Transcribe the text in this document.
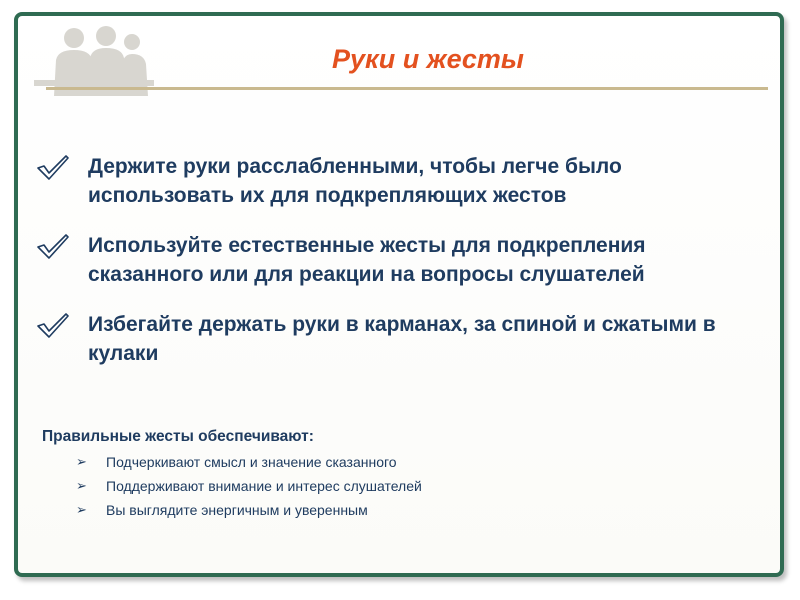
Руки и жесты
Держите руки расслабленными, чтобы легче было использовать их для подкрепляющих жестов
Используйте естественные жесты для подкрепления сказанного или для реакции на вопросы слушателей
Избегайте держать руки в карманах, за спиной и сжатыми в кулаки
Правильные жесты обеспечивают:
➢ Подчеркивают смысл и значение сказанного
➢ Поддерживают внимание и интерес слушателей
➢ Вы выглядите энергичным и уверенным
